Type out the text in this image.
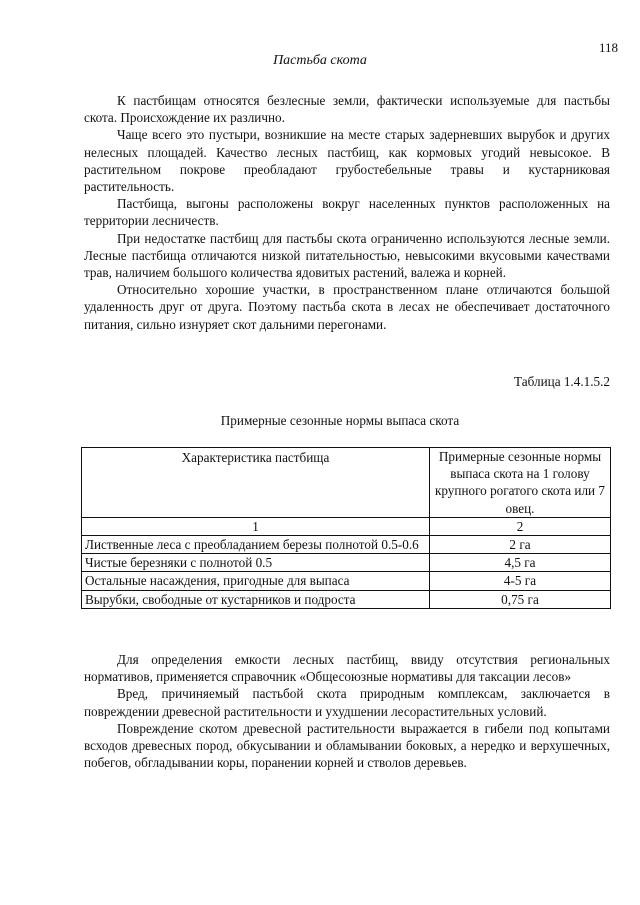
118
Пастьба скота

К пастбищам относятся безлесные земли, фактически используемые для пастьбы скота. Происхождение их различно.

Чаще всего это пустыри, возникшие на месте старых задерневших вырубок и других нелесных площадей. Качество лесных пастбищ, как кормовых угодий невысокое. В растительном покрове преобладают грубостебельные травы и кустарниковая растительность.

Пастбища, выгоны расположены вокруг населенных пунктов расположенных на территории лесничеств.

При недостатке пастбищ для пастьбы скота ограниченно используются лесные земли. Лесные пастбища отличаются низкой питательностью, невысокими вкусовыми качествами трав, наличием большого количества ядовитых растений, валежа и корней.

Относительно хорошие участки, в пространственном плане отличаются большой удаленность друг от друга. Поэтому пастьба скота в лесах не обеспечивает достаточного питания, сильно изнуряет скот дальними перегонами.

Таблица 1.4.1.5.2
Примерные сезонные нормы выпаса скота
Характеристика пастбища	Примерные сезонные нормы выпаса скота на 1 голову крупного рогатого скота или 7 овец.
1	2
Лиственные леса с преобладанием березы полнотой 0.5-0.6	2 га
Чистые березняки с полнотой 0.5	4,5 га
Остальные насаждения, пригодные для выпаса	4-5 га
Вырубки, свободные от кустарников и подроста	0,75 га

Для определения емкости лесных пастбищ, ввиду отсутствия региональных нормативов, применяется справочник «Общесоюзные нормативы для таксации лесов»

Вред, причиняемый пастьбой скота природным комплексам, заключается в повреждении древесной растительности и ухудшении лесорастительных условий.

Повреждение скотом древесной растительности выражается в гибели под копытами всходов древесных пород, обкусывании и обламывании боковых, а нередко и верхушечных, побегов, обгладывании коры, поранении корней и стволов деревьев.
